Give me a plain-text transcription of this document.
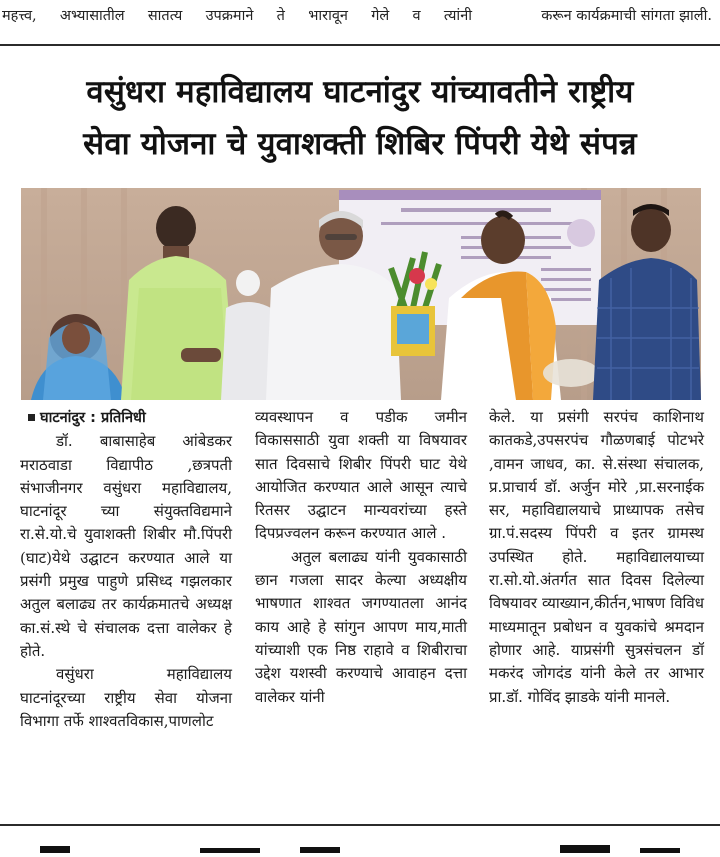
महत्त्व, अभ्यासातील सातत्य उपक्रमाने ते भारावून गेले व त्यांनी	करून कार्यक्रमाची सांगता झाली.
वसुंधरा महाविद्यालय घाटनांदुर यांच्यावतीने राष्ट्रीय
सेवा योजना चे युवाशक्ती शिबिर पिंपरी येथे संपन्न

घाटनांदुर : प्रतिनिधी

डॉ. बाबासाहेब आंबेडकर मराठवाडा विद्यापीठ ,छत्रपती संभाजीनगर वसुंधरा महाविद्यालय, घाटनांदूर च्या संयुक्तविद्यमाने रा.से.यो.चे युवाशक्ती शिबीर मौ.पिंपरी (घाट)येथे उद्घाटन करण्यात आले या प्रसंगी प्रमुख पाहुणे प्रसिध्द गझलकार अतुल बलाढ्य तर कार्यक्रमातचे अध्यक्ष का.सं.स्थे चे संचालक दत्ता वालेकर हे होते.

वसुंधरा महाविद्यालय घाटनांदूरच्या राष्ट्रीय सेवा योजना विभागा तर्फे शाश्वतविकास,पाणलोट

व्यवस्थापन व पडीक जमीन विकाससाठी युवा शक्ती या विषयावर सात दिवसाचे शिबीर पिंपरी घाट येथे आयोजित करण्यात आले आसून त्याचे रितसर उद्घाटन मान्यवरांच्या हस्ते दिपप्रज्वलन करून करण्यात आले .

अतुल बलाढ्य यांनी युवकासाठी छान गजला सादर केल्या अध्यक्षीय भाषणात शाश्वत जगण्यातला आनंद काय आहे हे सांगुन आपण माय,माती यांच्याशी एक निष्ठ राहावे व शिबीराचा उद्देश यशस्वी करण्याचे आवाहन दत्ता वालेकर यांनी

केले. या प्रसंगी सरपंच काशिनाथ कातकडे,उपसरपंच गौळणबाई पोटभरे ,वामन जाधव, का. से.संस्था संचालक, प्र.प्राचार्य डॉ. अर्जुन मोरे ,प्रा.सरनाईक सर, महाविद्यालयाचे प्राध्यापक तसेच ग्रा.पं.सदस्य पिंपरी व इतर ग्रामस्थ उपस्थित होते. महाविद्यालयाच्या रा.सो.यो.अंतर्गत सात दिवस दिलेल्या विषयावर व्याख्यान,कीर्तन,भाषण विविध माध्यमातून प्रबोधन व युवकांचे श्रमदान होणार आहे. याप्रसंगी सुत्रसंचलन डॉ मकरंद जोगदंड यांनी केले तर आभार प्रा.डॉ. गोविंद झाडके यांनी मानले.
